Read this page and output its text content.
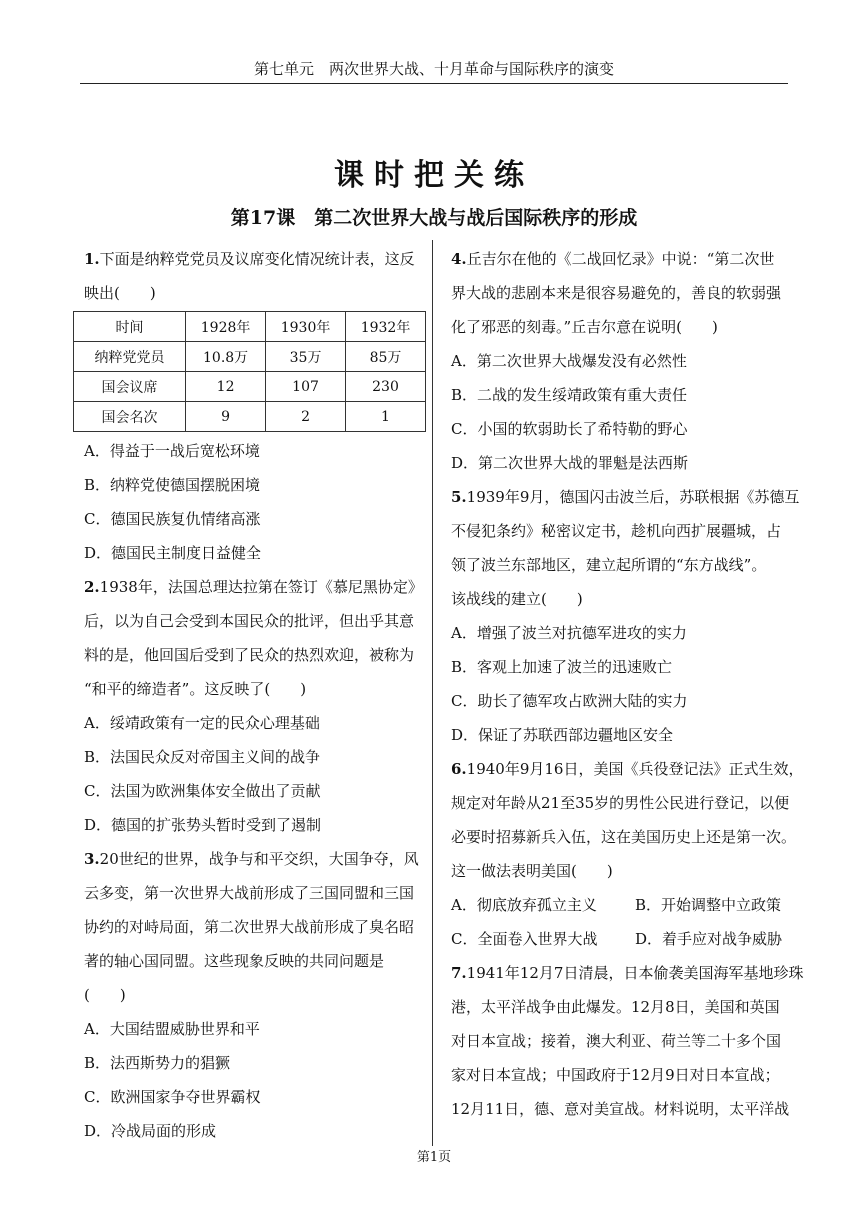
第七单元　两次世界大战、十月革命与国际秩序的演变
课时把关练
第17课　第二次世界大战与战后国际秩序的形成
1.下面是纳粹党党员及议席变化情况统计表，这反
映出(　　)
时间	1928年	1930年	1932年
纳粹党党员	10.8万	35万	85万
国会议席	12	107	230
国会名次	9	2	1
A．得益于一战后宽松环境
B．纳粹党使德国摆脱困境
C．德国民族复仇情绪高涨
D．德国民主制度日益健全
2.1938年，法国总理达拉第在签订《慕尼黑协定》
后，以为自己会受到本国民众的批评，但出乎其意
料的是，他回国后受到了民众的热烈欢迎，被称为
“和平的缔造者”。这反映了(　　)
A．绥靖政策有一定的民众心理基础
B．法国民众反对帝国主义间的战争
C．法国为欧洲集体安全做出了贡献
D．德国的扩张势头暂时受到了遏制
3.20世纪的世界，战争与和平交织，大国争夺，风
云多变，第一次世界大战前形成了三国同盟和三国
协约的对峙局面，第二次世界大战前形成了臭名昭
著的轴心国同盟。这些现象反映的共同问题是
(　　)
A．大国结盟威胁世界和平
B．法西斯势力的猖獗
C．欧洲国家争夺世界霸权
D．冷战局面的形成
4.丘吉尔在他的《二战回忆录》中说：“第二次世
界大战的悲剧本来是很容易避免的，善良的软弱强
化了邪恶的刻毒。”丘吉尔意在说明(　　)
A．第二次世界大战爆发没有必然性
B．二战的发生绥靖政策有重大责任
C．小国的软弱助长了希特勒的野心
D．第二次世界大战的罪魁是法西斯
5.1939年9月，德国闪击波兰后，苏联根据《苏德互
不侵犯条约》秘密议定书，趁机向西扩展疆城，占
领了波兰东部地区，建立起所谓的“东方战线”。
该战线的建立(　　)
A．增强了波兰对抗德军进攻的实力
B．客观上加速了波兰的迅速败亡
C．助长了德军攻占欧洲大陆的实力
D．保证了苏联西部边疆地区安全
6.1940年9月16日，美国《兵役登记法》正式生效，
规定对年龄从21至35岁的男性公民进行登记，以便
必要时招募新兵入伍，这在美国历史上还是第一次。
这一做法表明美国(　　)
A．彻底放弃孤立主义	B．开始调整中立政策
C．全面卷入世界大战	D．着手应对战争威胁
7.1941年12月7日清晨，日本偷袭美国海军基地珍珠
港，太平洋战争由此爆发。12月8日，美国和英国
对日本宣战；接着，澳大利亚、荷兰等二十多个国
家对日本宣战；中国政府于12月9日对日本宣战；
12月11日，德、意对美宣战。材料说明，太平洋战
第1页
